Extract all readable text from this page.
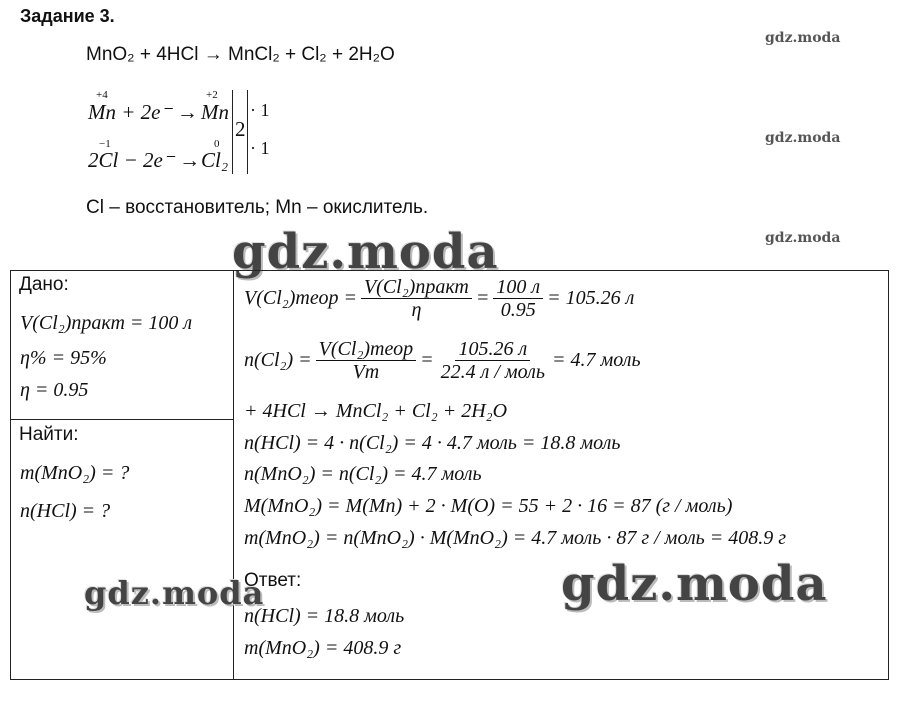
Задание 3.
MnO₂ + 4HCl → MnCl₂ + Cl₂ + 2H₂O
+4
Mn + 2e⁻ →
+2
Mn
−1
2Cl − 2e⁻ →
0
Cl₂
2
· 1
· 1
Cl – восстановитель; Mn – окислитель.
gdz.moda
gdz.moda
gdz.moda
gdz.moda
Дано:
V(Cl₂)практ = 100 л
η% = 95%
η = 0.95
Найти:
m(MnO₂) = ?
n(HCl) = ?
gdz.moda
V(Cl₂)теор = $\frac{\text{V(Cl₂)практ}}{\eta} = \frac{100 л}{0.95} = 105.26$ л
$n(Cl_2) = \frac{\text{V(Cl₂)теор}}{Vm} = \frac{105.26 л}{\text{22.4 л / моль}} = 4.7$ моль
+ 4HCl → MnCl₂ + Cl₂ + 2H₂O
n(HCl) = 4 · n(Cl₂) = 4 · 4.7 моль = 18.8 моль
n(MnO₂) = n(Cl₂) = 4.7 моль
M(MnO₂) = M(Mn) + 2 · M(O) = 55 + 2 · 16 = 87 (г / моль)
m(MnO₂) = n(MnO₂) · M(MnO₂) = 4.7 моль · 87 г / моль = 408.9 г
Ответ:
n(HCl) = 18.8 моль
m(MnO₂) = 408.9 г
gdz.moda
